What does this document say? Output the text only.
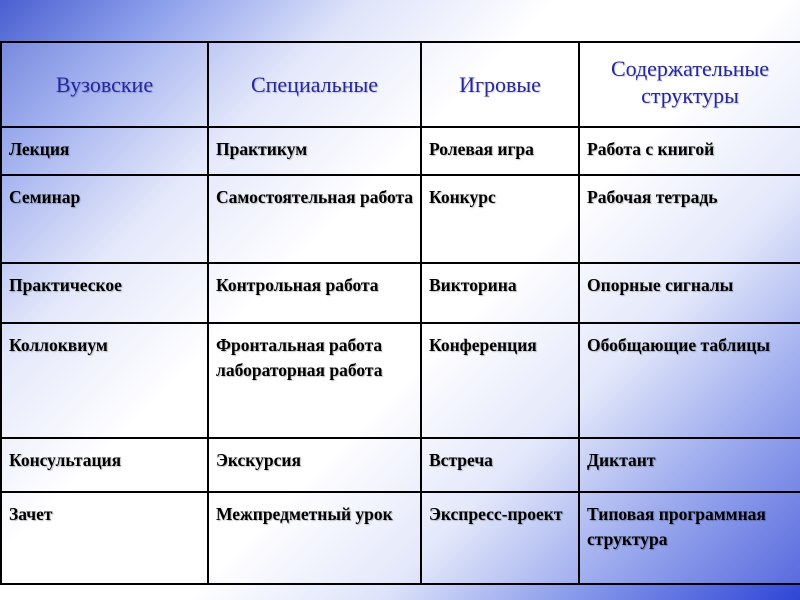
Вузовские	Специальные	Игровые	Содержательные структуры
Лекция	Практикум	Ролевая игра	Работа с книгой
Семинар	Самостоятельная работа	Конкурс	Рабочая тетрадь
Практическое	Контрольная работа	Викторина	Опорные сигналы
Коллоквиум	Фронтальная работа лабораторная работа	Конференция	Обобщающие таблицы
Консультация	Экскурсия	Встреча	Диктант
Зачет	Межпредметный урок	Экспресс-проект	Типовая программная структура
